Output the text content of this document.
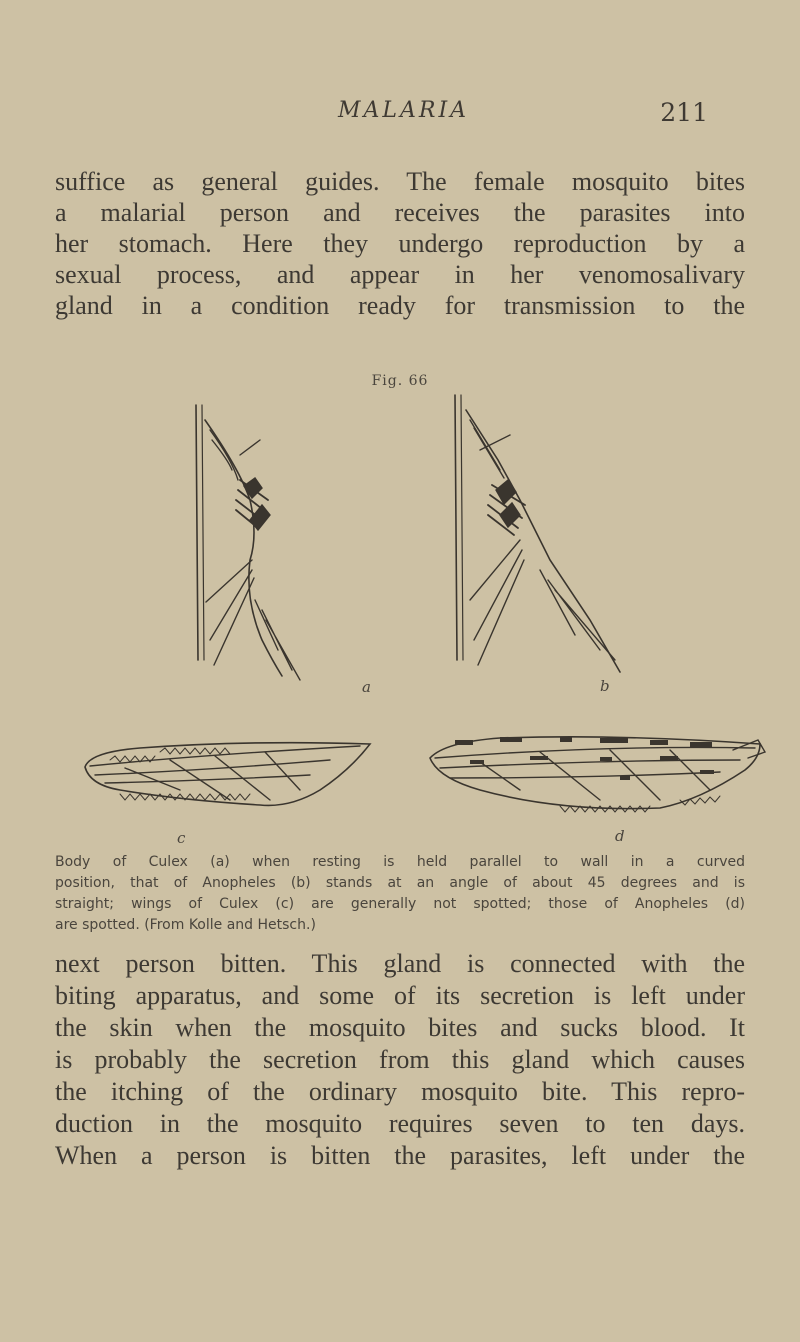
MALARIA	211
suffice as general guides. The female mosquito bites
a malarial person and receives the parasites into
her stomach. Here they undergo reproduction by a
sexual process, and appear in her venomosalivary
gland in a condition ready for transmission to the
Fig. 66
a	b
c	d
Body of Culex (a) when resting is held parallel to wall in a curved
position, that of Anopheles (b) stands at an angle of about 45 degrees and is
straight; wings of Culex (c) are generally not spotted; those of Anopheles (d)
are spotted. (From Kolle and Hetsch.)
next person bitten. This gland is connected with the
biting apparatus, and some of its secretion is left under
the skin when the mosquito bites and sucks blood. It
is probably the secretion from this gland which causes
the itching of the ordinary mosquito bite. This repro-
duction in the mosquito requires seven to ten days.
When a person is bitten the parasites, left under the
